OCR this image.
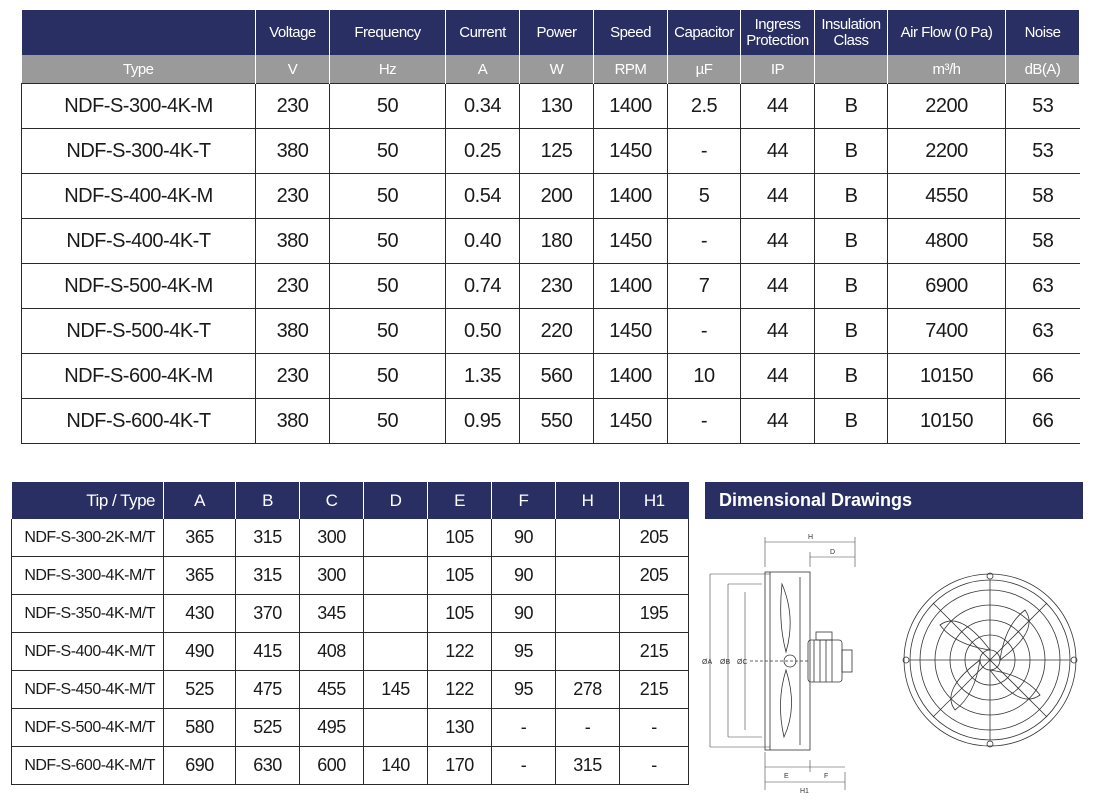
	Voltage	Frequency	Current	Power	Speed	Capacitor	Ingress Protection	Insulation Class	Air Flow (0 Pa)	Noise
Type	V	Hz	A	W	RPM	µF	IP		m³/h	dB(A)
NDF-S-300-4K-M	230	50	0.34	130	1400	2.5	44	B	2200	53
NDF-S-300-4K-T	380	50	0.25	125	1450	-	44	B	2200	53
NDF-S-400-4K-M	230	50	0.54	200	1400	5	44	B	4550	58
NDF-S-400-4K-T	380	50	0.40	180	1450	-	44	B	4800	58
NDF-S-500-4K-M	230	50	0.74	230	1400	7	44	B	6900	63
NDF-S-500-4K-T	380	50	0.50	220	1450	-	44	B	7400	63
NDF-S-600-4K-M	230	50	1.35	560	1400	10	44	B	10150	66
NDF-S-600-4K-T	380	50	0.95	550	1450	-	44	B	10150	66
Tip / Type	A	B	C	D	E	F	H	H1
NDF-S-300-2K-M/T	365	315	300		105	90		205
NDF-S-300-4K-M/T	365	315	300		105	90		205
NDF-S-350-4K-M/T	430	370	345		105	90		195
NDF-S-400-4K-M/T	490	415	408		122	95		215
NDF-S-450-4K-M/T	525	475	455	145	122	95	278	215
NDF-S-500-4K-M/T	580	525	495		130	-	-	-
NDF-S-600-4K-M/T	690	630	600	140	170	-	315	-
Dimensional Drawings
H
D
ØA ØB ØC
E	F
H1
